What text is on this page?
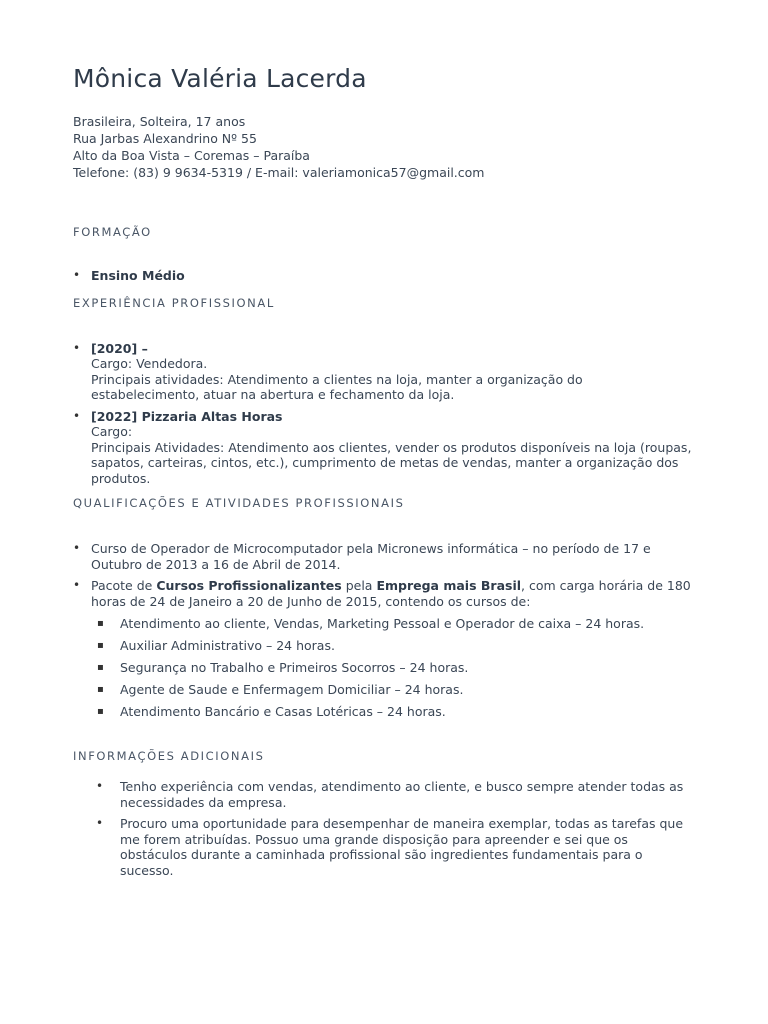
Mônica Valéria Lacerda
Brasileira, Solteira, 17 anos
Rua Jarbas Alexandrino Nº 55
Alto da Boa Vista – Coremas – Paraíba
Telefone: (83) 9 9634-5319 / E-mail: valeriamonica57@gmail.com
FORMAÇÃO
• Ensino Médio
EXPERIÊNCIA PROFISSIONAL
• [2020] –
Cargo: Vendedora.
Principais atividades: Atendimento a clientes na loja, manter a organização do estabelecimento, atuar na abertura e fechamento da loja.
• [2022] Pizzaria Altas Horas
Cargo:
Principais Atividades: Atendimento aos clientes, vender os produtos disponíveis na loja (roupas, sapatos, carteiras, cintos, etc.), cumprimento de metas de vendas, manter a organização dos produtos.
QUALIFICAÇÕES E ATIVIDADES PROFISSIONAIS
• Curso de Operador de Microcomputador pela Micronews informática – no período de 17 e Outubro de 2013 a 16 de Abril de 2014.
• Pacote de Cursos Profissionalizantes pela Emprega mais Brasil, com carga horária de 180 horas de 24 de Janeiro a 20 de Junho de 2015, contendo os cursos de:
▪ Atendimento ao cliente, Vendas, Marketing Pessoal e Operador de caixa – 24 horas.
▪ Auxiliar Administrativo – 24 horas.
▪ Segurança no Trabalho e Primeiros Socorros – 24 horas.
▪ Agente de Saude e Enfermagem Domiciliar – 24 horas.
▪ Atendimento Bancário e Casas Lotéricas – 24 horas.
INFORMAÇÕES ADICIONAIS
• Tenho experiência com vendas, atendimento ao cliente, e busco sempre atender todas as necessidades da empresa.
• Procuro uma oportunidade para desempenhar de maneira exemplar, todas as tarefas que me forem atribuídas. Possuo uma grande disposição para apreender e sei que os obstáculos durante a caminhada profissional são ingredientes fundamentais para o sucesso.
